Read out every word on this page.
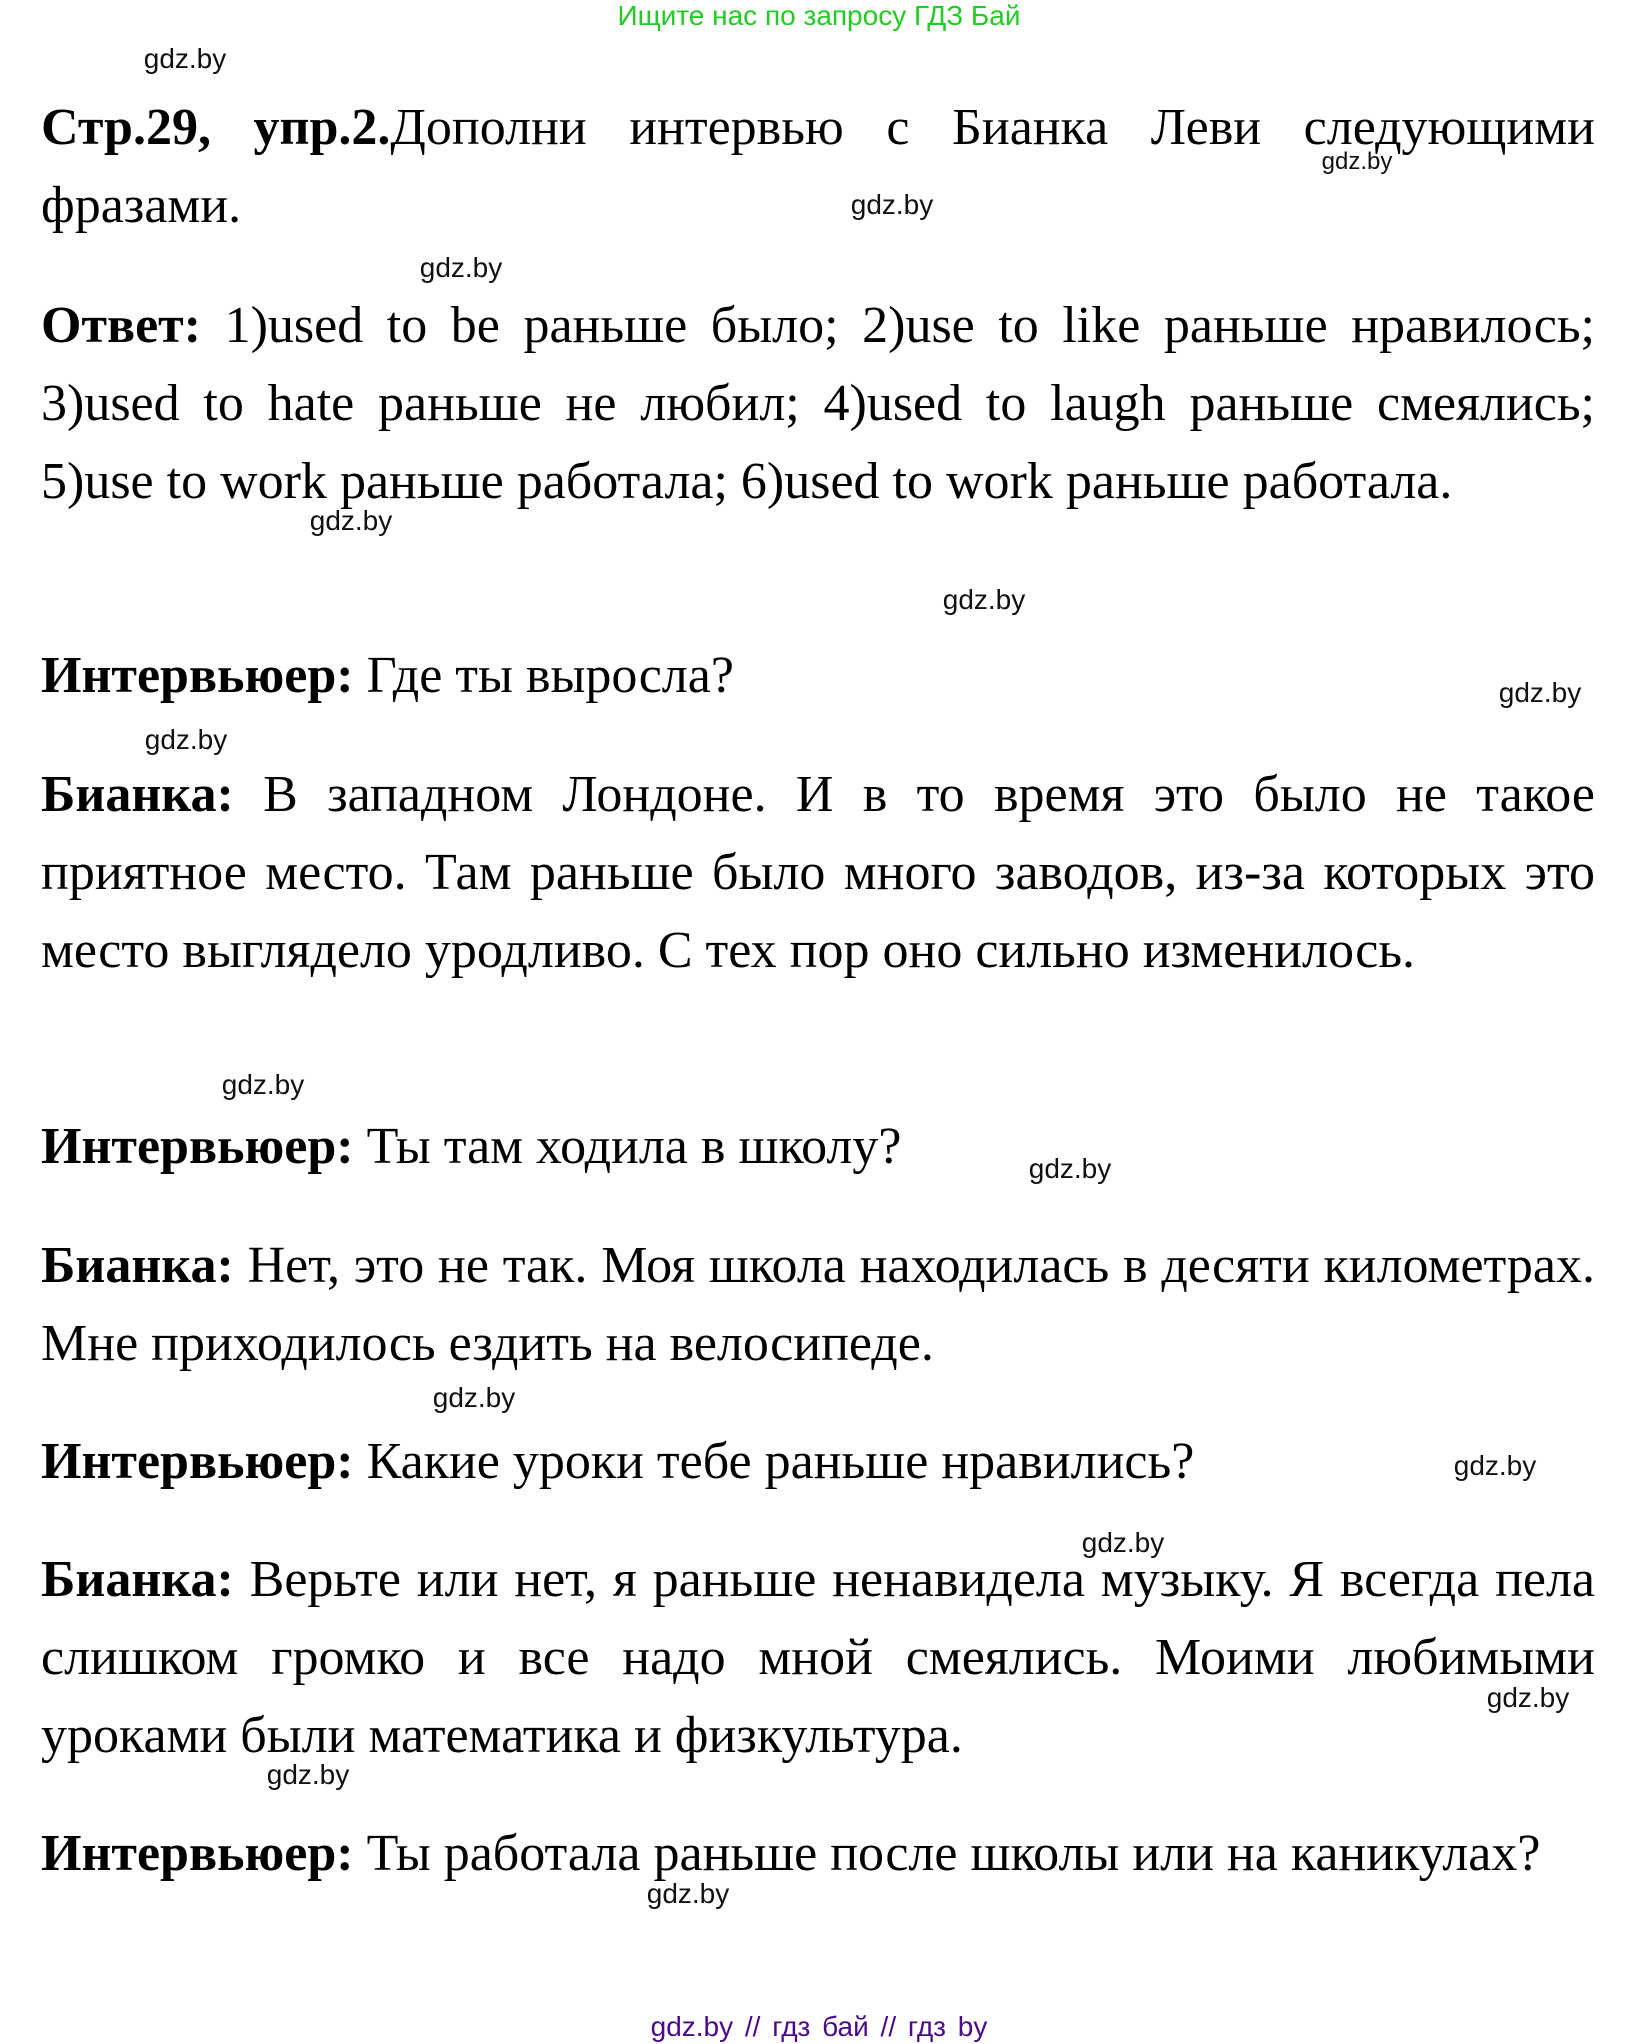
Ищите нас по запросу ГДЗ Бай
Стр.29, упр.2.Дополни интервью с Бианка Леви следующими фразами.
Ответ: 1)used to be раньше было; 2)use to like раньше нравилось; 3)used to hate раньше не любил; 4)used to laugh раньше смеялись; 5)use to work раньше работала; 6)used to work раньше работала.
Интервьюер: Где ты выросла?
Бианка: В западном Лондоне. И в то время это было не такое приятное место. Там раньше было много заводов, из-за которых это место выглядело уродливо. С тех пор оно сильно изменилось.
Интервьюер: Ты там ходила в школу?
Бианка: Нет, это не так. Моя школа находилась в десяти километрах. Мне приходилось ездить на велосипеде.
Интервьюер: Какие уроки тебе раньше нравились?
Бианка: Верьте или нет, я раньше ненавидела музыку. Я всегда пела слишком громко и все надо мной смеялись. Моими любимыми уроками были математика и физкультура.
Интервьюер: Ты работала раньше после школы или на каникулах?
gdz.by
gdz.by
gdz.by
gdz.by
gdz.by
gdz.by
gdz.by
gdz.by
gdz.by
gdz.by
gdz.by
gdz.by
gdz.by
gdz.by
gdz.by
gdz.by
gdz.by // гдз бай // гдз by
